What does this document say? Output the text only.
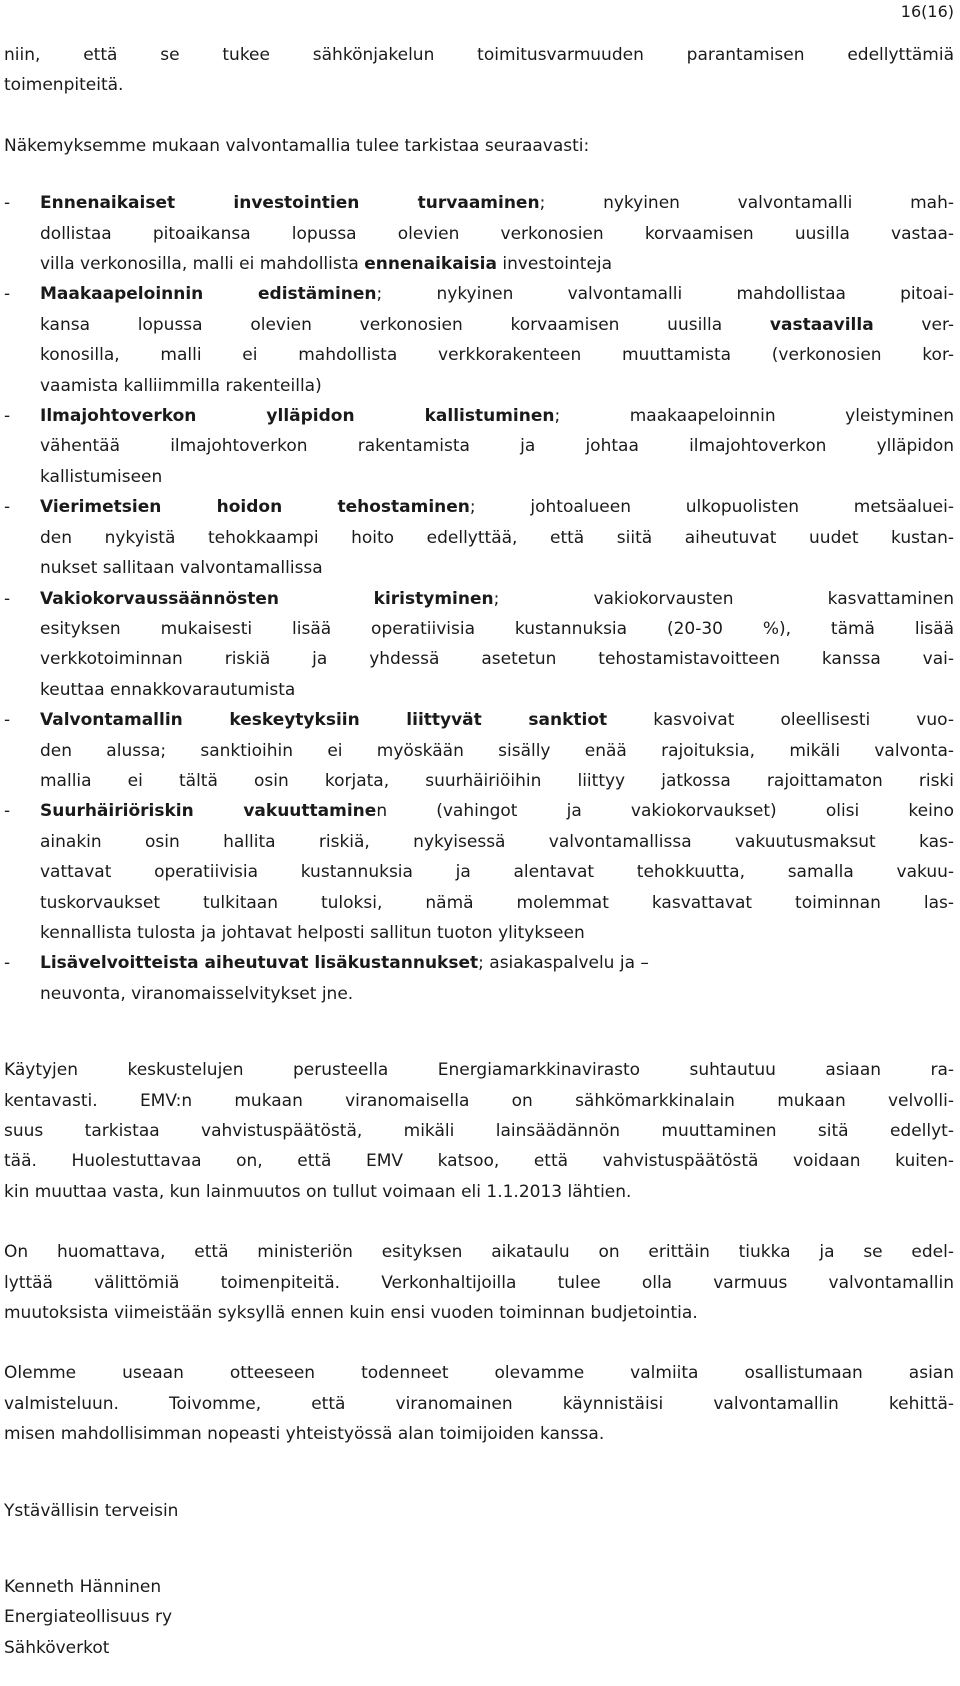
16(16)

niin, että se tukee sähkönjakelun toimitusvarmuuden parantamisen edellyttämiä
toimenpiteitä.

Näkemyksemme mukaan valvontamallia tulee tarkistaa seuraavasti:

- Ennenaikaiset investointien turvaaminen; nykyinen valvontamalli mah-
dollistaa pitoaikansa lopussa olevien verkonosien korvaamisen uusilla vastaa-
villa verkonosilla, malli ei mahdollista ennenaikaisia investointeja
- Maakaapeloinnin edistäminen; nykyinen valvontamalli mahdollistaa pitoai-
kansa lopussa olevien verkonosien korvaamisen uusilla vastaavilla ver-
konosilla, malli ei mahdollista verkkorakenteen muuttamista (verkonosien kor-
vaamista kalliimmilla rakenteilla)
- Ilmajohtoverkon ylläpidon kallistuminen; maakaapeloinnin yleistyminen
vähentää ilmajohtoverkon rakentamista ja johtaa ilmajohtoverkon ylläpidon
kallistumiseen
- Vierimetsien hoidon tehostaminen; johtoalueen ulkopuolisten metsäaluei-
den nykyistä tehokkaampi hoito edellyttää, että siitä aiheutuvat uudet kustan-
nukset sallitaan valvontamallissa
- Vakiokorvaussäännösten kiristyminen; vakiokorvausten kasvattaminen
esityksen mukaisesti lisää operatiivisia kustannuksia (20-30 %), tämä lisää
verkkotoiminnan riskiä ja yhdessä asetetun tehostamistavoitteen kanssa vai-
keuttaa ennakkovarautumista
- Valvontamallin keskeytyksiin liittyvät sanktiot kasvoivat oleellisesti vuo-
den alussa; sanktioihin ei myöskään sisälly enää rajoituksia, mikäli valvonta-
mallia ei tältä osin korjata, suurhäiriöihin liittyy jatkossa rajoittamaton riski
- Suurhäiriöriskin vakuuttaminen (vahingot ja vakiokorvaukset) olisi keino
ainakin osin hallita riskiä, nykyisessä valvontamallissa vakuutusmaksut kas-
vattavat operatiivisia kustannuksia ja alentavat tehokkuutta, samalla vakuu-
tuskorvaukset tulkitaan tuloksi, nämä molemmat kasvattavat toiminnan las-
kennallista tulosta ja johtavat helposti sallitun tuoton ylitykseen
- Lisävelvoitteista aiheutuvat lisäkustannukset; asiakaspalvelu ja –
neuvonta, viranomaisselvitykset jne.

Käytyjen keskustelujen perusteella Energiamarkkinavirasto suhtautuu asiaan ra-
kentavasti. EMV:n mukaan viranomaisella on sähkömarkkinalain mukaan velvolli-
suus tarkistaa vahvistuspäätöstä, mikäli lainsäädännön muuttaminen sitä edellyt-
tää. Huolestuttavaa on, että EMV katsoo, että vahvistuspäätöstä voidaan kuiten-
kin muuttaa vasta, kun lainmuutos on tullut voimaan eli 1.1.2013 lähtien.

On huomattava, että ministeriön esityksen aikataulu on erittäin tiukka ja se edel-
lyttää välittömiä toimenpiteitä. Verkonhaltijoilla tulee olla varmuus valvontamallin
muutoksista viimeistään syksyllä ennen kuin ensi vuoden toiminnan budjetointia.

Olemme useaan otteeseen todenneet olevamme valmiita osallistumaan asian
valmisteluun. Toivomme, että viranomainen käynnistäisi valvontamallin kehittä-
misen mahdollisimman nopeasti yhteistyössä alan toimijoiden kanssa.

Ystävällisin terveisin

Kenneth Hänninen
Energiateollisuus ry
Sähköverkot
